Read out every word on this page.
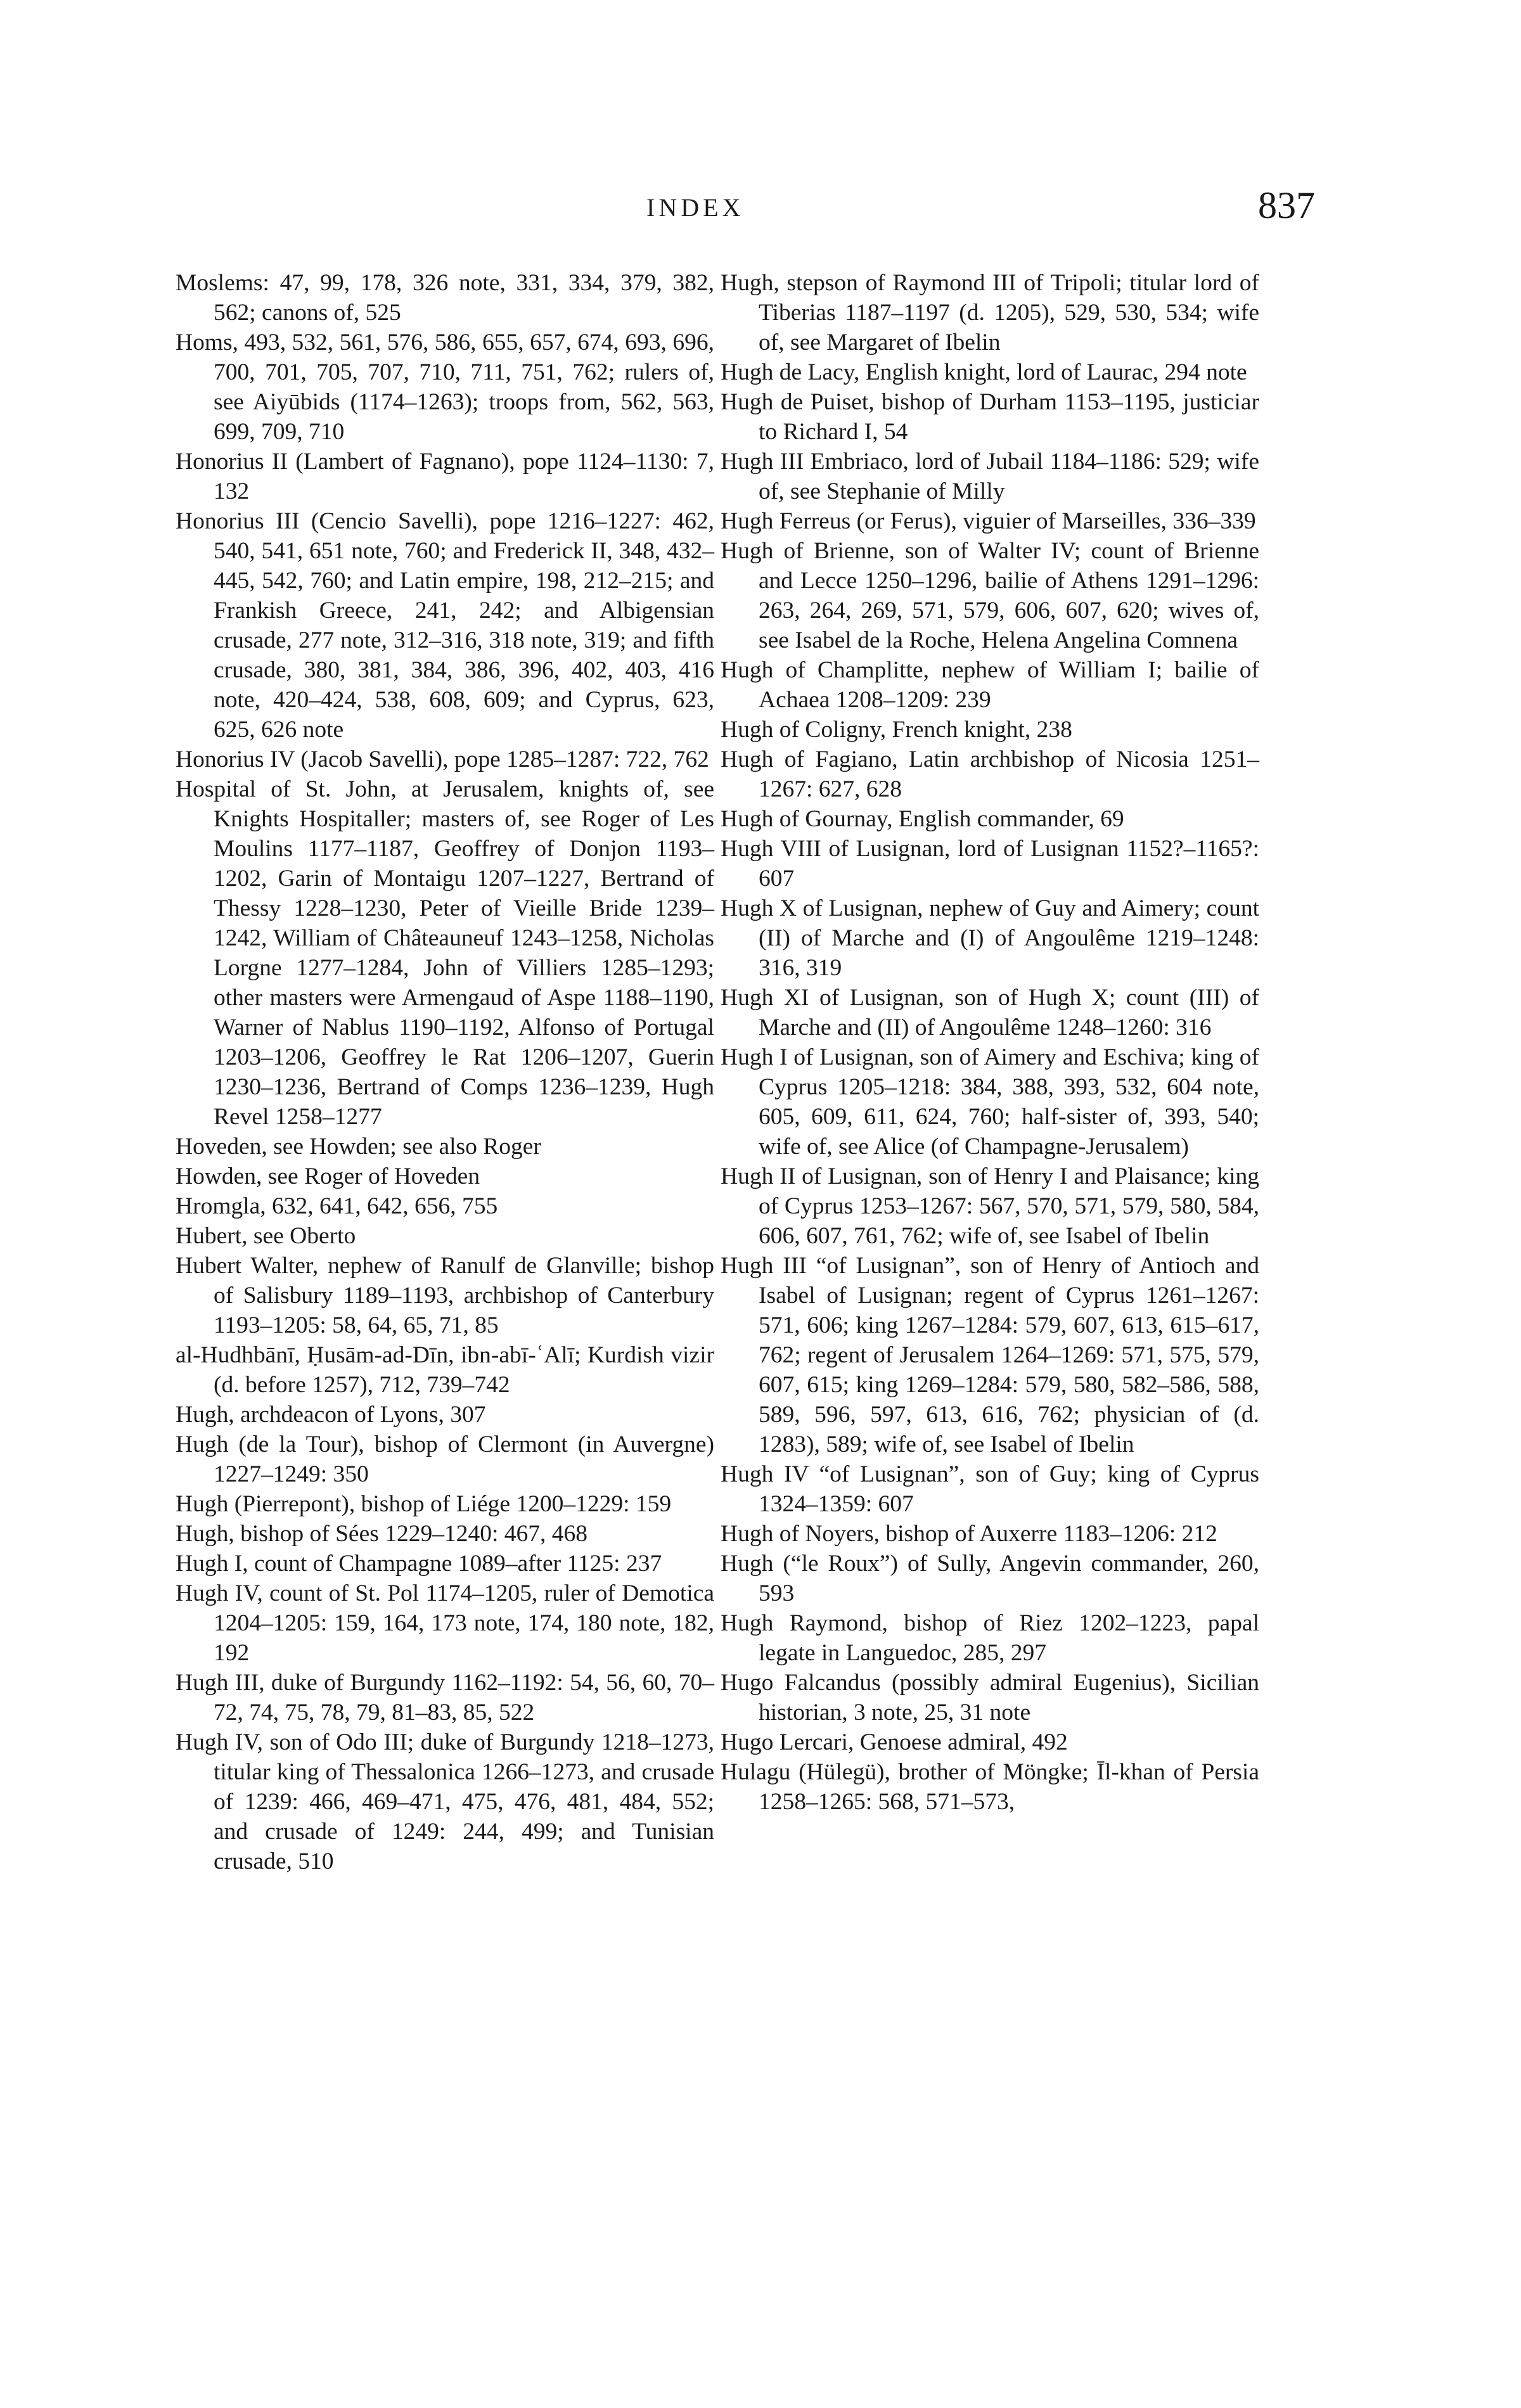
INDEX	837
Moslems: 47, 99, 178, 326 note, 331, 334, 379, 382, 562; canons of, 525
Homs, 493, 532, 561, 576, 586, 655, 657, 674, 693, 696, 700, 701, 705, 707, 710, 711, 751, 762; rulers of, see Aiyūbids (1174–1263); troops from, 562, 563, 699, 709, 710
Honorius II (Lambert of Fagnano), pope 1124–1130: 7, 132
Honorius III (Cencio Savelli), pope 1216–1227: 462, 540, 541, 651 note, 760; and Frederick II, 348, 432–445, 542, 760; and Latin empire, 198, 212–215; and Frankish Greece, 241, 242; and Albigensian crusade, 277 note, 312–316, 318 note, 319; and fifth crusade, 380, 381, 384, 386, 396, 402, 403, 416 note, 420–424, 538, 608, 609; and Cyprus, 623, 625, 626 note
Honorius IV (Jacob Savelli), pope 1285–1287: 722, 762
Hospital of St. John, at Jerusalem, knights of, see Knights Hospitaller; masters of, see Roger of Les Moulins 1177–1187, Geoffrey of Donjon 1193–1202, Garin of Montaigu 1207–1227, Bertrand of Thessy 1228–1230, Peter of Vieille Bride 1239–1242, William of Châteauneuf 1243–1258, Nicholas Lorgne 1277–1284, John of Villiers 1285–1293; other masters were Armengaud of Aspe 1188–1190, Warner of Nablus 1190–1192, Alfonso of Portugal 1203–1206, Geoffrey le Rat 1206–1207, Guerin 1230–1236, Bertrand of Comps 1236–1239, Hugh Revel 1258–1277
Hoveden, see Howden; see also Roger
Howden, see Roger of Hoveden
Hromgla, 632, 641, 642, 656, 755
Hubert, see Oberto
Hubert Walter, nephew of Ranulf de Glanville; bishop of Salisbury 1189–1193, archbishop of Canterbury 1193–1205: 58, 64, 65, 71, 85
al-Hudhbānī, Ḥusām-ad-Dīn, ibn-abī-ʿAlī; Kurdish vizir (d. before 1257), 712, 739–742
Hugh, archdeacon of Lyons, 307
Hugh (de la Tour), bishop of Clermont (in Auvergne) 1227–1249: 350
Hugh (Pierrepont), bishop of Liége 1200–1229: 159
Hugh, bishop of Sées 1229–1240: 467, 468
Hugh I, count of Champagne 1089–after 1125: 237
Hugh IV, count of St. Pol 1174–1205, ruler of Demotica 1204–1205: 159, 164, 173 note, 174, 180 note, 182, 192
Hugh III, duke of Burgundy 1162–1192: 54, 56, 60, 70–72, 74, 75, 78, 79, 81–83, 85, 522
Hugh IV, son of Odo III; duke of Burgundy 1218–1273, titular king of Thessalonica 1266–1273, and crusade of 1239: 466, 469–471, 475, 476, 481, 484, 552; and crusade of 1249: 244, 499; and Tunisian crusade, 510
Hugh, stepson of Raymond III of Tripoli; titular lord of Tiberias 1187–1197 (d. 1205), 529, 530, 534; wife of, see Margaret of Ibelin
Hugh de Lacy, English knight, lord of Laurac, 294 note
Hugh de Puiset, bishop of Durham 1153–1195, justiciar to Richard I, 54
Hugh III Embriaco, lord of Jubail 1184–1186: 529; wife of, see Stephanie of Milly
Hugh Ferreus (or Ferus), viguier of Marseilles, 336–339
Hugh of Brienne, son of Walter IV; count of Brienne and Lecce 1250–1296, bailie of Athens 1291–1296: 263, 264, 269, 571, 579, 606, 607, 620; wives of, see Isabel de la Roche, Helena Angelina Comnena
Hugh of Champlitte, nephew of William I; bailie of Achaea 1208–1209: 239
Hugh of Coligny, French knight, 238
Hugh of Fagiano, Latin archbishop of Nicosia 1251–1267: 627, 628
Hugh of Gournay, English commander, 69
Hugh VIII of Lusignan, lord of Lusignan 1152?–1165?: 607
Hugh X of Lusignan, nephew of Guy and Aimery; count (II) of Marche and (I) of Angoulême 1219–1248: 316, 319
Hugh XI of Lusignan, son of Hugh X; count (III) of Marche and (II) of Angoulême 1248–1260: 316
Hugh I of Lusignan, son of Aimery and Eschiva; king of Cyprus 1205–1218: 384, 388, 393, 532, 604 note, 605, 609, 611, 624, 760; half-sister of, 393, 540; wife of, see Alice (of Champagne-Jerusalem)
Hugh II of Lusignan, son of Henry I and Plaisance; king of Cyprus 1253–1267: 567, 570, 571, 579, 580, 584, 606, 607, 761, 762; wife of, see Isabel of Ibelin
Hugh III “of Lusignan”, son of Henry of Antioch and Isabel of Lusignan; regent of Cyprus 1261–1267: 571, 606; king 1267–1284: 579, 607, 613, 615–617, 762; regent of Jerusalem 1264–1269: 571, 575, 579, 607, 615; king 1269–1284: 579, 580, 582–586, 588, 589, 596, 597, 613, 616, 762; physician of (d. 1283), 589; wife of, see Isabel of Ibelin
Hugh IV “of Lusignan”, son of Guy; king of Cyprus 1324–1359: 607
Hugh of Noyers, bishop of Auxerre 1183–1206: 212
Hugh (“le Roux”) of Sully, Angevin commander, 260, 593
Hugh Raymond, bishop of Riez 1202–1223, papal legate in Languedoc, 285, 297
Hugo Falcandus (possibly admiral Eugenius), Sicilian historian, 3 note, 25, 31 note
Hugo Lercari, Genoese admiral, 492
Hulagu (Hülegü), brother of Möngke; Īl-khan of Persia 1258–1265: 568, 571–573,
